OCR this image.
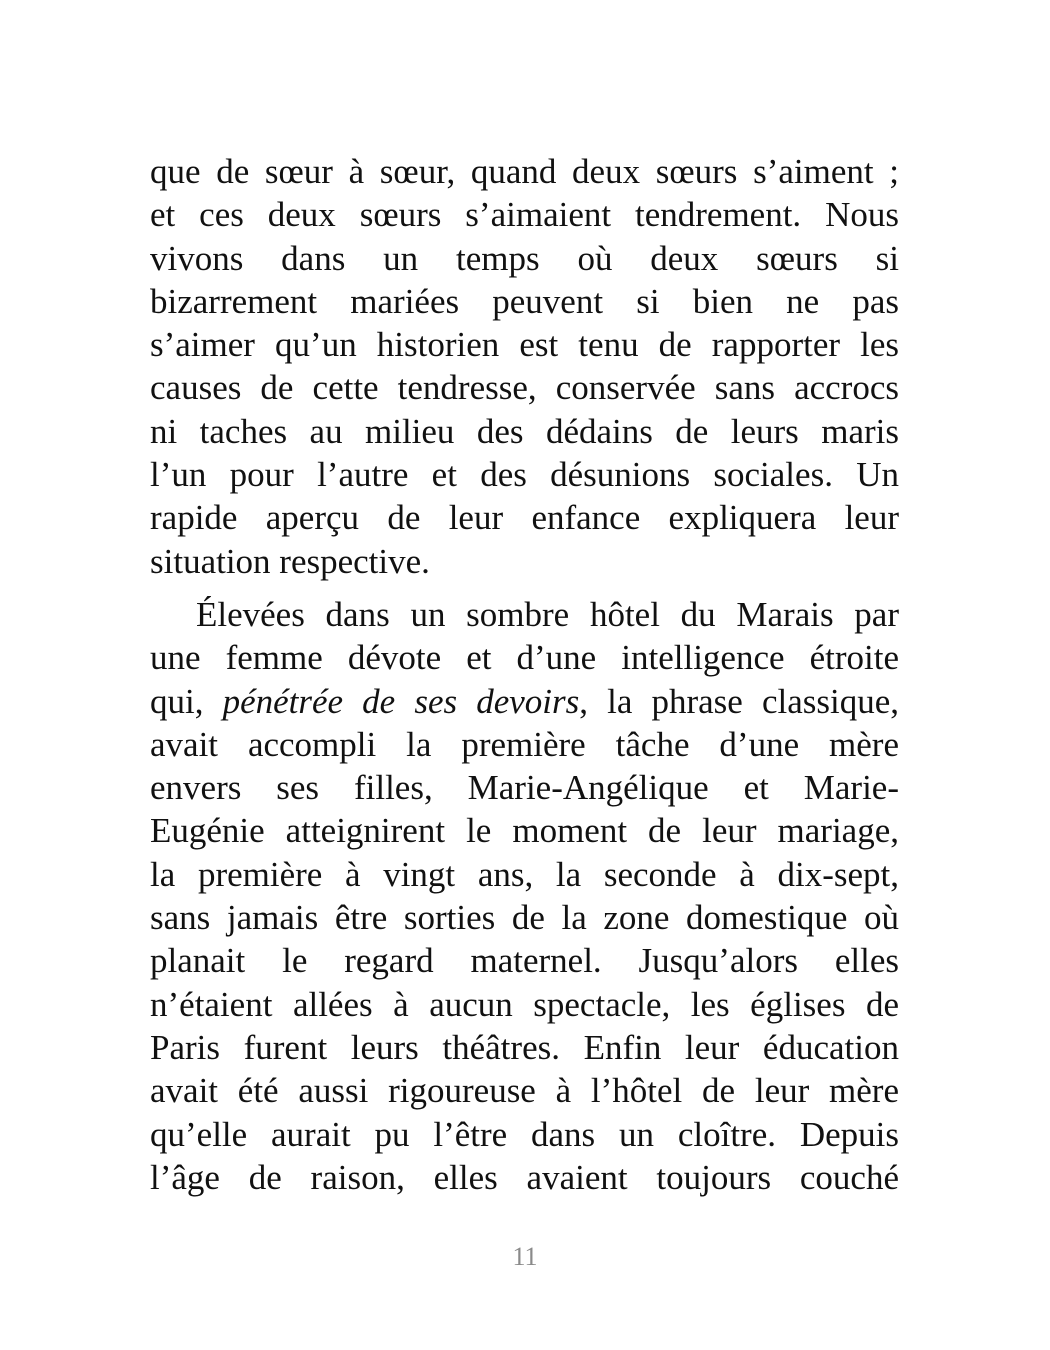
que de sœur à sœur, quand deux sœurs s’aiment ;
et ces deux sœurs s’aimaient tendrement. Nous
vivons dans un temps où deux sœurs si
bizarrement mariées peuvent si bien ne pas
s’aimer qu’un historien est tenu de rapporter les
causes de cette tendresse, conservée sans accrocs
ni taches au milieu des dédains de leurs maris
l’un pour l’autre et des désunions sociales. Un
rapide aperçu de leur enfance expliquera leur
situation respective.

Élevées dans un sombre hôtel du Marais par
une femme dévote et d’une intelligence étroite
qui, pénétrée de ses devoirs, la phrase classique,
avait accompli la première tâche d’une mère
envers ses filles, Marie-Angélique et Marie-
Eugénie atteignirent le moment de leur mariage,
la première à vingt ans, la seconde à dix-sept,
sans jamais être sorties de la zone domestique où
planait le regard maternel. Jusqu’alors elles
n’étaient allées à aucun spectacle, les églises de
Paris furent leurs théâtres. Enfin leur éducation
avait été aussi rigoureuse à l’hôtel de leur mère
qu’elle aurait pu l’être dans un cloître. Depuis
l’âge de raison, elles avaient toujours couché

11
